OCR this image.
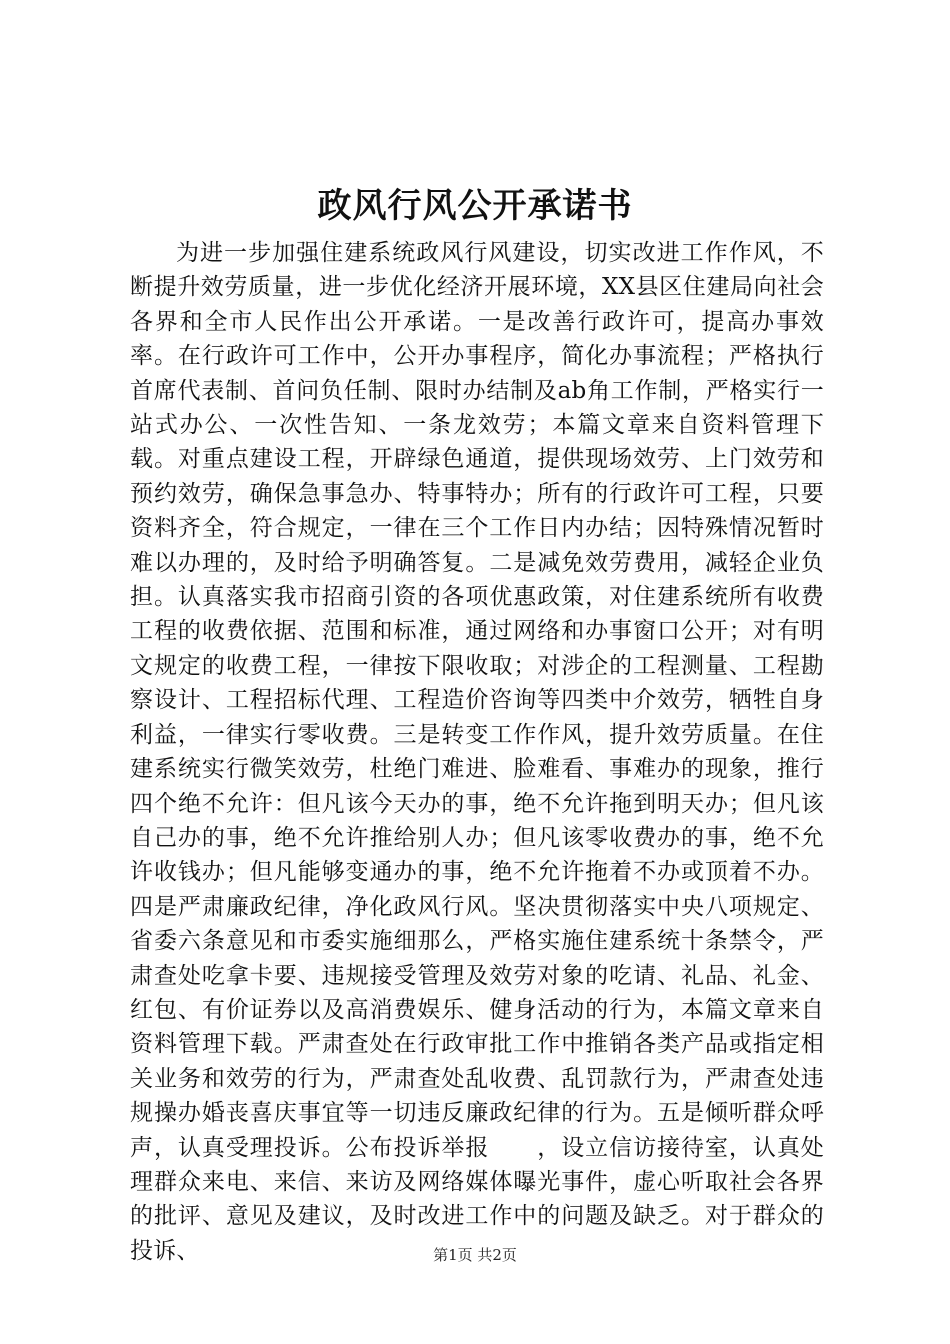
政风行风公开承诺书

为进一步加强住建系统政风行风建设，切实改进工作作风，不断提升效劳质量，进一步优化经济开展环境，XX县区住建局向社会各界和全市人民作出公开承诺。一是改善行政许可，提高办事效率。在行政许可工作中，公开办事程序，简化办事流程；严格执行首席代表制、首问负任制、限时办结制及ab角工作制，严格实行一站式办公、一次性告知、一条龙效劳；本篇文章来自资料管理下载。对重点建设工程，开辟绿色通道，提供现场效劳、上门效劳和预约效劳，确保急事急办、特事特办；所有的行政许可工程，只要资料齐全，符合规定，一律在三个工作日内办结；因特殊情况暂时难以办理的，及时给予明确答复。二是减免效劳费用，减轻企业负担。认真落实我市招商引资的各项优惠政策，对住建系统所有收费工程的收费依据、范围和标准，通过网络和办事窗口公开；对有明文规定的收费工程，一律按下限收取；对涉企的工程测量、工程勘察设计、工程招标代理、工程造价咨询等四类中介效劳，牺牲自身利益，一律实行零收费。三是转变工作作风，提升效劳质量。在住建系统实行微笑效劳，杜绝门难进、脸难看、事难办的现象，推行四个绝不允许：但凡该今天办的事，绝不允许拖到明天办；但凡该自己办的事，绝不允许推给别人办；但凡该零收费办的事，绝不允许收钱办；但凡能够变通办的事，绝不允许拖着不办或顶着不办。四是严肃廉政纪律，净化政风行风。坚决贯彻落实中央八项规定、省委六条意见和市委实施细那么，严格实施住建系统十条禁令，严肃查处吃拿卡要、违规接受管理及效劳对象的吃请、礼品、礼金、红包、有价证券以及高消费娱乐、健身活动的行为，本篇文章来自资料管理下载。严肃查处在行政审批工作中推销各类产品或指定相关业务和效劳的行为，严肃查处乱收费、乱罚款行为，严肃查处违规操办婚丧喜庆事宜等一切违反廉政纪律的行为。五是倾听群众呼声，认真受理投诉。公布投诉举报　　，设立信访接待室，认真处理群众来电、来信、来访及网络媒体曝光事件，虚心听取社会各界的批评、意见及建议，及时改进工作中的问题及缺乏。对于群众的投诉、	第1页 共2页
